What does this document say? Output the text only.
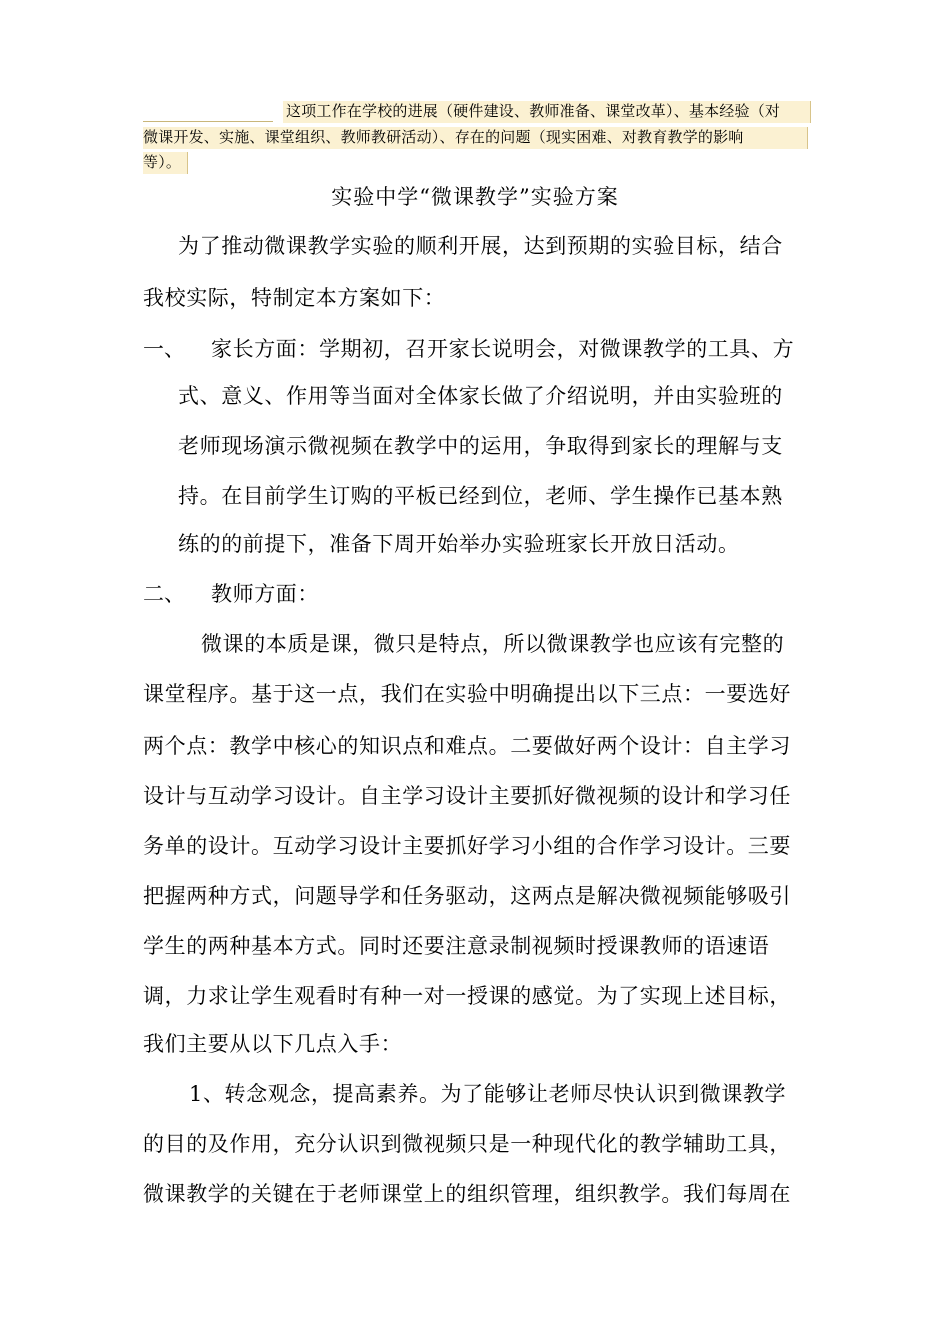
这项工作在学校的进展（硬件建设、教师准备、课堂改革）、基本经验（对
微课开发、实施、课堂组织、教师教研活动）、存在的问题（现实困难、对教育教学的影响
等）。
实验中学“微课教学”实验方案
为了推动微课教学实验的顺利开展，达到预期的实验目标，结合
我校实际，特制定本方案如下：
一、 家长方面：学期初，召开家长说明会，对微课教学的工具、方
式、意义、作用等当面对全体家长做了介绍说明，并由实验班的
老师现场演示微视频在教学中的运用，争取得到家长的理解与支
持。在目前学生订购的平板已经到位，老师、学生操作已基本熟
练的的前提下，准备下周开始举办实验班家长开放日活动。
二、 教师方面：
微课的本质是课，微只是特点，所以微课教学也应该有完整的
课堂程序。基于这一点，我们在实验中明确提出以下三点：一要选好
两个点：教学中核心的知识点和难点。二要做好两个设计：自主学习
设计与互动学习设计。自主学习设计主要抓好微视频的设计和学习任
务单的设计。互动学习设计主要抓好学习小组的合作学习设计。三要
把握两种方式，问题导学和任务驱动，这两点是解决微视频能够吸引
学生的两种基本方式。同时还要注意录制视频时授课教师的语速语
调，力求让学生观看时有种一对一授课的感觉。为了实现上述目标，
我们主要从以下几点入手：
1、转念观念，提高素养。为了能够让老师尽快认识到微课教学
的目的及作用，充分认识到微视频只是一种现代化的教学辅助工具，
微课教学的关键在于老师课堂上的组织管理，组织教学。我们每周在
